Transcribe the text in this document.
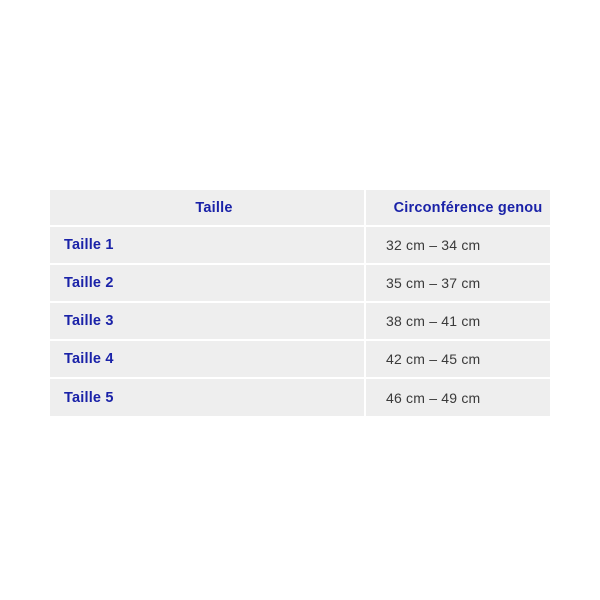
Taille	Circonférence genou
Taille 1	32 cm – 34 cm
Taille 2	35 cm – 37 cm
Taille 3	38 cm – 41 cm
Taille 4	42 cm – 45 cm
Taille 5	46 cm – 49 cm
